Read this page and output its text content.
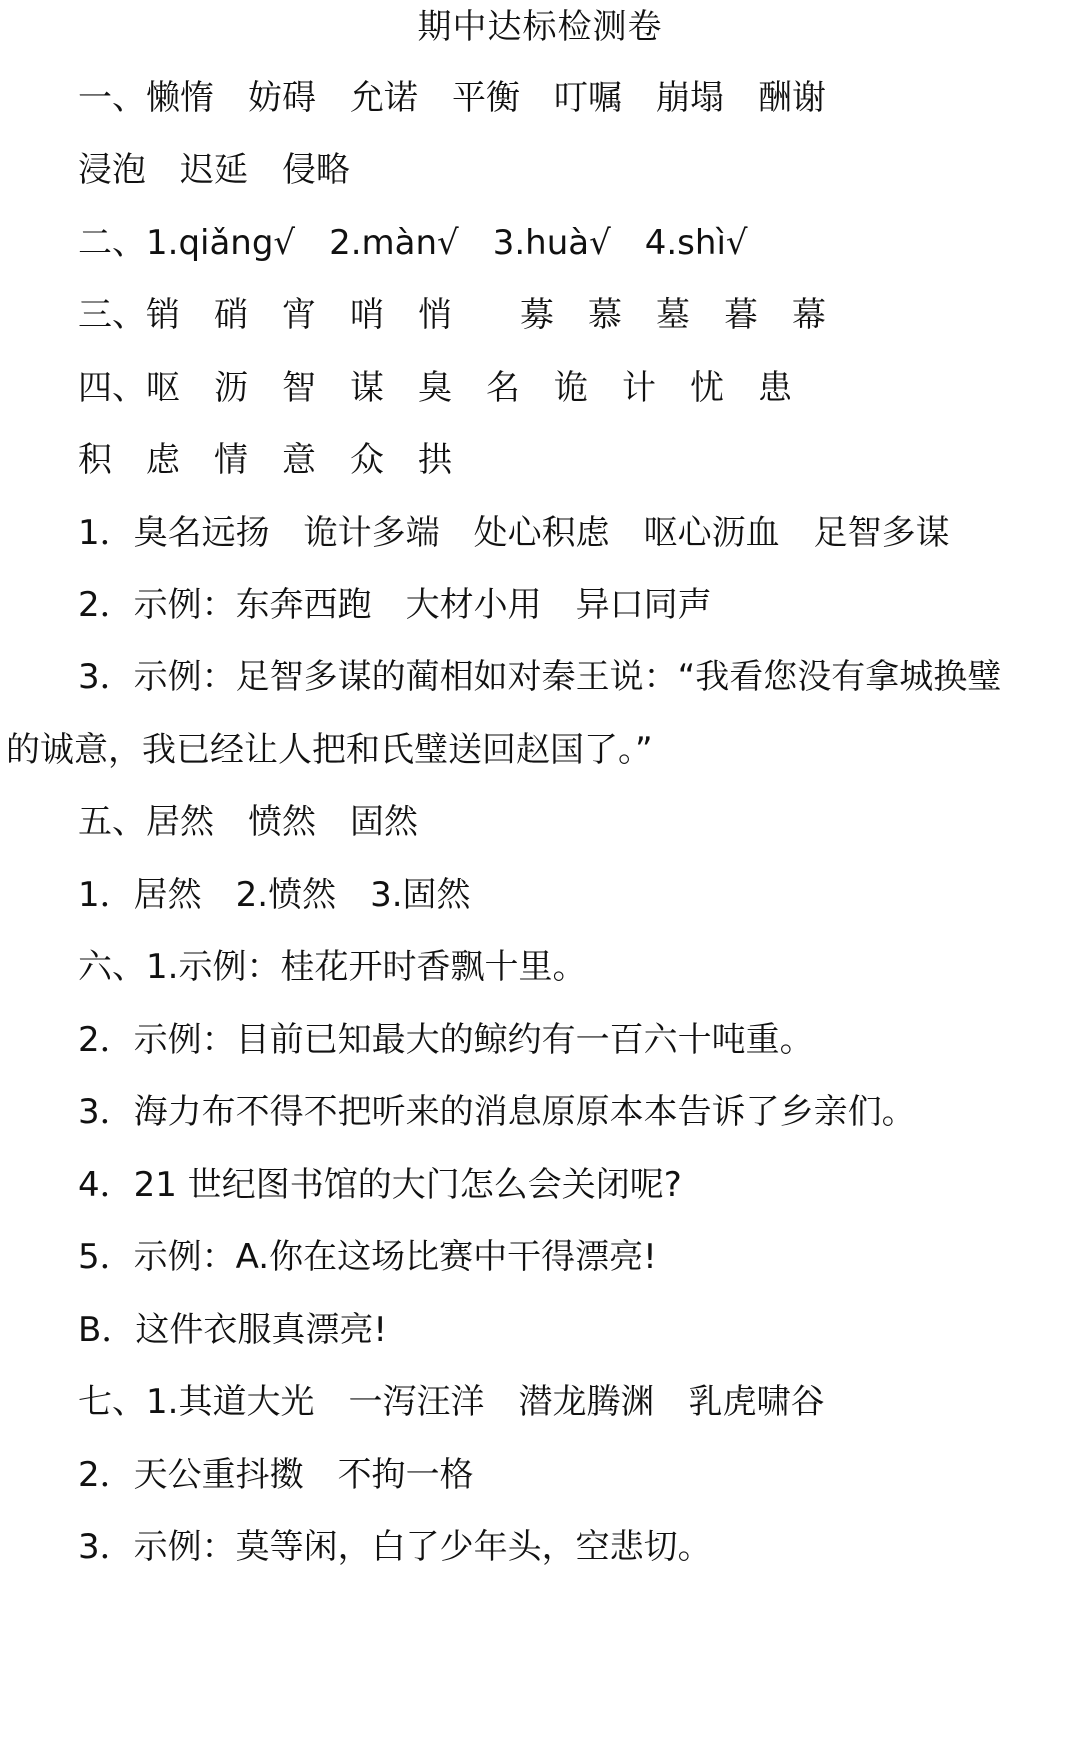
期中达标检测卷
一、懒惰　妨碍　允诺　平衡　叮嘱　崩塌　酬谢
浸泡　迟延　侵略
二、1.qiǎng√　2.màn√　3.huà√　4.shì√
三、销　硝　宵　哨　悄　　募　慕　墓　暮　幕
四、呕　沥　智　谋　臭　名　诡　计　忧　患
积　虑　情　意　众　拱
1．臭名远扬　诡计多端　处心积虑　呕心沥血　足智多谋
2．示例：东奔西跑　大材小用　异口同声
3．示例：足智多谋的蔺相如对秦王说：“我看您没有拿城换璧
的诚意，我已经让人把和氏璧送回赵国了。”
五、居然　愤然　固然
1．居然　2.愤然　3.固然
六、1.示例：桂花开时香飘十里。
2．示例：目前已知最大的鲸约有一百六十吨重。
3．海力布不得不把听来的消息原原本本告诉了乡亲们。
4．21 世纪图书馆的大门怎么会关闭呢?
5．示例：A.你在这场比赛中干得漂亮!
B．这件衣服真漂亮!
七、1.其道大光　一泻汪洋　潜龙腾渊　乳虎啸谷
2．天公重抖擞　不拘一格
3．示例：莫等闲，白了少年头，空悲切。
